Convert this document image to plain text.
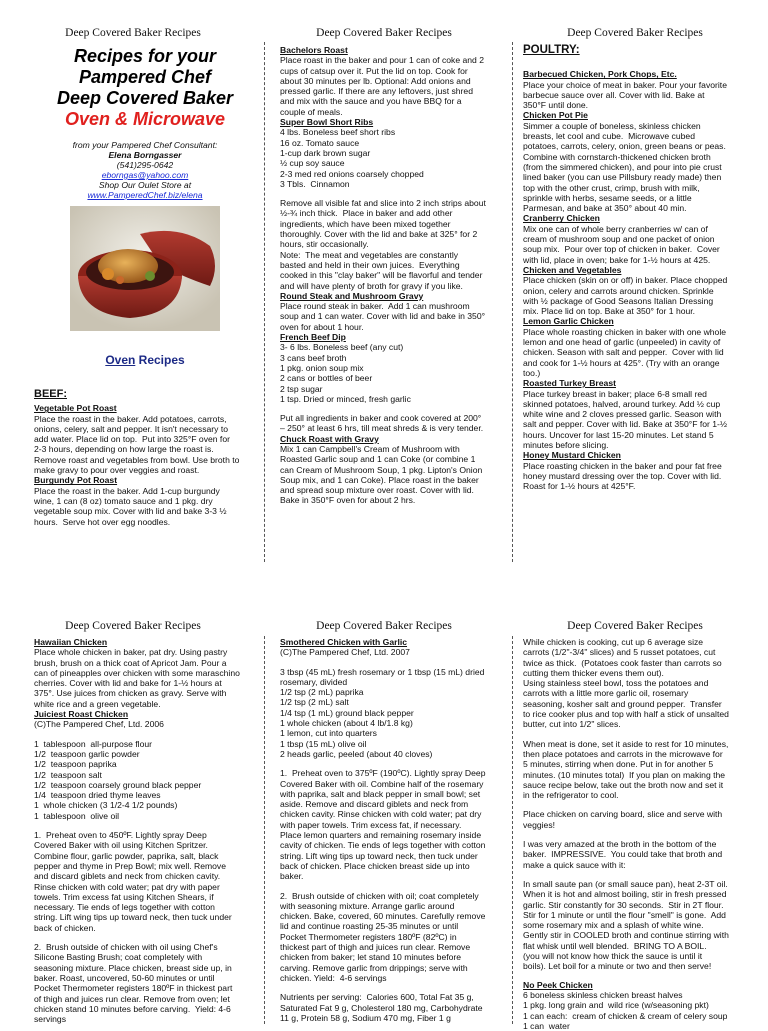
Deep Covered Baker Recipes	Deep Covered Baker Recipes	Deep Covered Baker Recipes
Deep Covered Baker Recipes	Deep Covered Baker Recipes	Deep Covered Baker Recipes
Recipes for your
Pampered Chef
Deep Covered Baker
Oven & Microwave
from your Pampered Chef Consultant:
Elena Borngasser
(541)295-0642
eborngas@yahoo.com
Shop Our Oulet Store at
www.PamperedChef.biz/elena
Oven Recipes
BEEF:
Vegetable Pot Roast
Place the roast in the baker. Add potatoes, carrots,
onions, celery, salt and pepper. It isn't necessary to
add water. Place lid on top.  Put into 325°F oven for
2-3 hours, depending on how large the roast is.
Remove roast and vegetables from bowl. Use broth to
make gravy to pour over veggies and roast.
Burgundy Pot Roast
Place the roast in the baker. Add 1-cup burgundy
wine, 1 can (8 oz) tomato sauce and 1 pkg. dry
vegetable soup mix. Cover with lid and bake 3-3 ½
hours.  Serve hot over egg noodles.
Bachelors Roast
Place roast in the baker and pour 1 can of coke and 2
cups of catsup over it. Put the lid on top. Cook for
about 30 minutes per lb. Optional: Add onions and
pressed garlic. If there are any leftovers, just shred
and mix with the sauce and you have BBQ for a
couple of meals.
Super Bowl Short Ribs
4 lbs. Boneless beef short ribs
16 oz. Tomato sauce
1-cup dark brown sugar
½ cup soy sauce
2-3 med red onions coarsely chopped
3 Tbls.  Cinnamon
Remove all visible fat and slice into 2 inch strips about
½-¾ inch thick.  Place in baker and add other
ingredients, which have been mixed together
thoroughly. Cover with the lid and bake at 325° for 2
hours, stir occasionally.
Note:  The meat and vegetables are constantly
basted and held in their own juices.  Everything
cooked in this "clay baker" will be flavorful and tender
and will have plenty of broth for gravy if you like.
Round Steak and Mushroom Gravy
Place round steak in baker.  Add 1 can mushroom
soup and 1 can water. Cover with lid and bake in 350°
oven for about 1 hour.
French Beef Dip
3- 6 lbs. Boneless beef (any cut)
3 cans beef broth
1 pkg. onion soup mix
2 cans or bottles of beer
2 tsp sugar
1 tsp. Dried or minced, fresh garlic
Put all ingredients in baker and cook covered at 200°
– 250° at least 6 hrs, till meat shreds & is very tender.
Chuck Roast with Gravy
Mix 1 can Campbell's Cream of Mushroom with
Roasted Garlic soup and 1 can Coke (or combine 1
can Cream of Mushroom Soup, 1 pkg. Lipton's Onion
Soup mix, and 1 can Coke). Place roast in the baker
and spread soup mixture over roast. Cover with lid.
Bake in 350°F oven for about 2 hrs.
POULTRY:
Barbecued Chicken, Pork Chops, Etc.
Place your choice of meat in baker. Pour your favorite
barbecue sauce over all. Cover with lid. Bake at
350°F until done.
Chicken Pot Pie
Simmer a couple of boneless, skinless chicken
breasts, let cool and cube.  Microwave cubed
potatoes, carrots, celery, onion, green beans or peas.
Combine with cornstarch-thickened chicken broth
(from the simmered chicken), and pour into pie crust
lined baker (you can use Pillsbury ready made) then
top with the other crust, crimp, brush with milk,
sprinkle with herbs, sesame seeds, or a little
Parmesan, and bake at 350° about 40 min.
Cranberry Chicken
Mix one can of whole berry cranberries w/ can of
cream of mushroom soup and one packet of onion
soup mix.  Pour over top of chicken in baker.  Cover
with lid, place in oven; bake for 1-½ hours at 425.
Chicken and Vegetables
Place chicken (skin on or off) in baker. Place chopped
onion, celery and carrots around chicken. Sprinkle
with ½ package of Good Seasons Italian Dressing
mix. Place lid on top. Bake at 350° for 1 hour.
Lemon Garlic Chicken
Place whole roasting chicken in baker with one whole
lemon and one head of garlic (unpeeled) in cavity of
chicken. Season with salt and pepper.  Cover with lid
and cook for 1-½ hours at 425°. (Try with an orange
too.)
Roasted Turkey Breast
Place turkey breast in baker; place 6-8 small red
skinned potatoes, halved, around turkey. Add ½ cup
white wine and 2 cloves pressed garlic. Season with
salt and pepper. Cover with lid. Bake at 350°F for 1-½
hours. Uncover for last 15-20 minutes. Let stand 5
minutes before slicing.
Honey Mustard Chicken
Place roasting chicken in the baker and pour fat free
honey mustard dressing over the top. Cover with lid.
Roast for 1-½ hours at 425°F.
Hawaiian Chicken
Place whole chicken in baker, pat dry. Using pastry
brush, brush on a thick coat of Apricot Jam. Pour a
can of pineapples over chicken with some maraschino
cherries. Cover with lid and bake for 1-½ hours at
375°. Use juices from chicken as gravy. Serve with
white rice and a green vegetable.
Juiciest Roast Chicken
(C)The Pampered Chef, Ltd. 2006
1  tablespoon  all-purpose flour
1/2  teaspoon garlic powder
1/2  teaspoon paprika
1/2  teaspoon salt
1/2  teaspoon coarsely ground black pepper
1/4  teaspoon dried thyme leaves
1  whole chicken (3 1/2-4 1/2 pounds)
1  tablespoon  olive oil
1.  Preheat oven to 450ºF. Lightly spray Deep
Covered Baker with oil using Kitchen Spritzer.
Combine flour, garlic powder, paprika, salt, black
pepper and thyme in Prep Bowl; mix well. Remove
and discard giblets and neck from chicken cavity.
Rinse chicken with cold water; pat dry with paper
towels. Trim excess fat using Kitchen Shears, if
necessary. Tie ends of legs together with cotton
string. Lift wing tips up toward neck, then tuck under
back of chicken.
2.  Brush outside of chicken with oil using Chef's
Silicone Basting Brush; coat completely with
seasoning mixture. Place chicken, breast side up, in
baker. Roast, uncovered, 50-60 minutes or until
Pocket Thermometer registers 180ºF in thickest part
of thigh and juices run clear. Remove from oven; let
chicken stand 10 minutes before carving.  Yield: 4-6
servings
Smothered Chicken with Garlic
(C)The Pampered Chef, Ltd. 2007
3 tbsp (45 mL) fresh rosemary or 1 tbsp (15 mL) dried
rosemary, divided
1/2 tsp (2 mL) paprika
1/2 tsp (2 mL) salt
1/4 tsp (1 mL) ground black pepper
1 whole chicken (about 4 lb/1.8 kg)
1 lemon, cut into quarters
1 tbsp (15 mL) olive oil
2 heads garlic, peeled (about 40 cloves)
1.  Preheat oven to 375ºF (190ºC). Lightly spray Deep
Covered Baker with oil. Combine half of the rosemary
with paprika, salt and black pepper in small bowl; set
aside. Remove and discard giblets and neck from
chicken cavity. Rinse chicken with cold water; pat dry
with paper towels. Trim excess fat, if necessary.
Place lemon quarters and remaining rosemary inside
cavity of chicken. Tie ends of legs together with cotton
string. Lift wing tips up toward neck, then tuck under
back of chicken. Place chicken breast side up into
baker.
2.  Brush outside of chicken with oil; coat completely
with seasoning mixture. Arrange garlic around
chicken. Bake, covered, 60 minutes. Carefully remove
lid and continue roasting 25-35 minutes or until
Pocket Thermometer registers 180ºF (82ºC) in
thickest part of thigh and juices run clear. Remove
chicken from baker; let stand 10 minutes before
carving. Remove garlic from drippings; serve with
chicken. Yield:  4-6 servings
Nutrients per serving:  Calories 600, Total Fat 35 g,
Saturated Fat 9 g, Cholesterol 180 mg, Carbohydrate
11 g, Protein 58 g, Sodium 470 mg, Fiber 1 g
While chicken is cooking, cut up 6 average size
carrots (1/2"-3/4" slices) and 5 russet potatoes, cut
twice as thick.  (Potatoes cook faster than carrots so
cutting them thicker evens them out).
Using stainless steel bowl, toss the potatoes and
carrots with a little more garlic oil, rosemary
seasoning, kosher salt and ground pepper.  Transfer
to rice cooker plus and top with half a stick of unsalted
butter, cut into 1/2" slices.
When meat is done, set it aside to rest for 10 minutes,
then place potatoes and carrots in the microwave for
5 minutes, stirring when done. Put in for another 5
minutes. (10 minutes total)  If you plan on making the
sauce recipe below, take out the broth now and set it
in the refrigerator to cool.
Place chicken on carving board, slice and serve with
veggies!
I was very amazed at the broth in the bottom of the
baker.  IMPRESSIVE.  You could take that broth and
make a quick sauce with it:
In small saute pan (or small sauce pan), heat 2-3T oil.
When it is hot and almost boiling, stir in fresh pressed
garlic. Stir constantly for 30 seconds.  Stir in 2T flour.
Stir for 1 minute or until the flour "smell" is gone.  Add
some rosemary mix and a splash of white wine.
Gently stir in COOLED broth and continue stirring with
flat whisk until well blended.  BRING TO A BOIL.
(you will not know how thick the sauce is until it
boils). Let boil for a minute or two and then serve!
No Peek Chicken
6 boneless skinless chicken breast halves
1 pkg. long grain and  wild rice (w/seasoning pkt)
1 can each:  cream of chicken & cream of celery soup
1 can  water
